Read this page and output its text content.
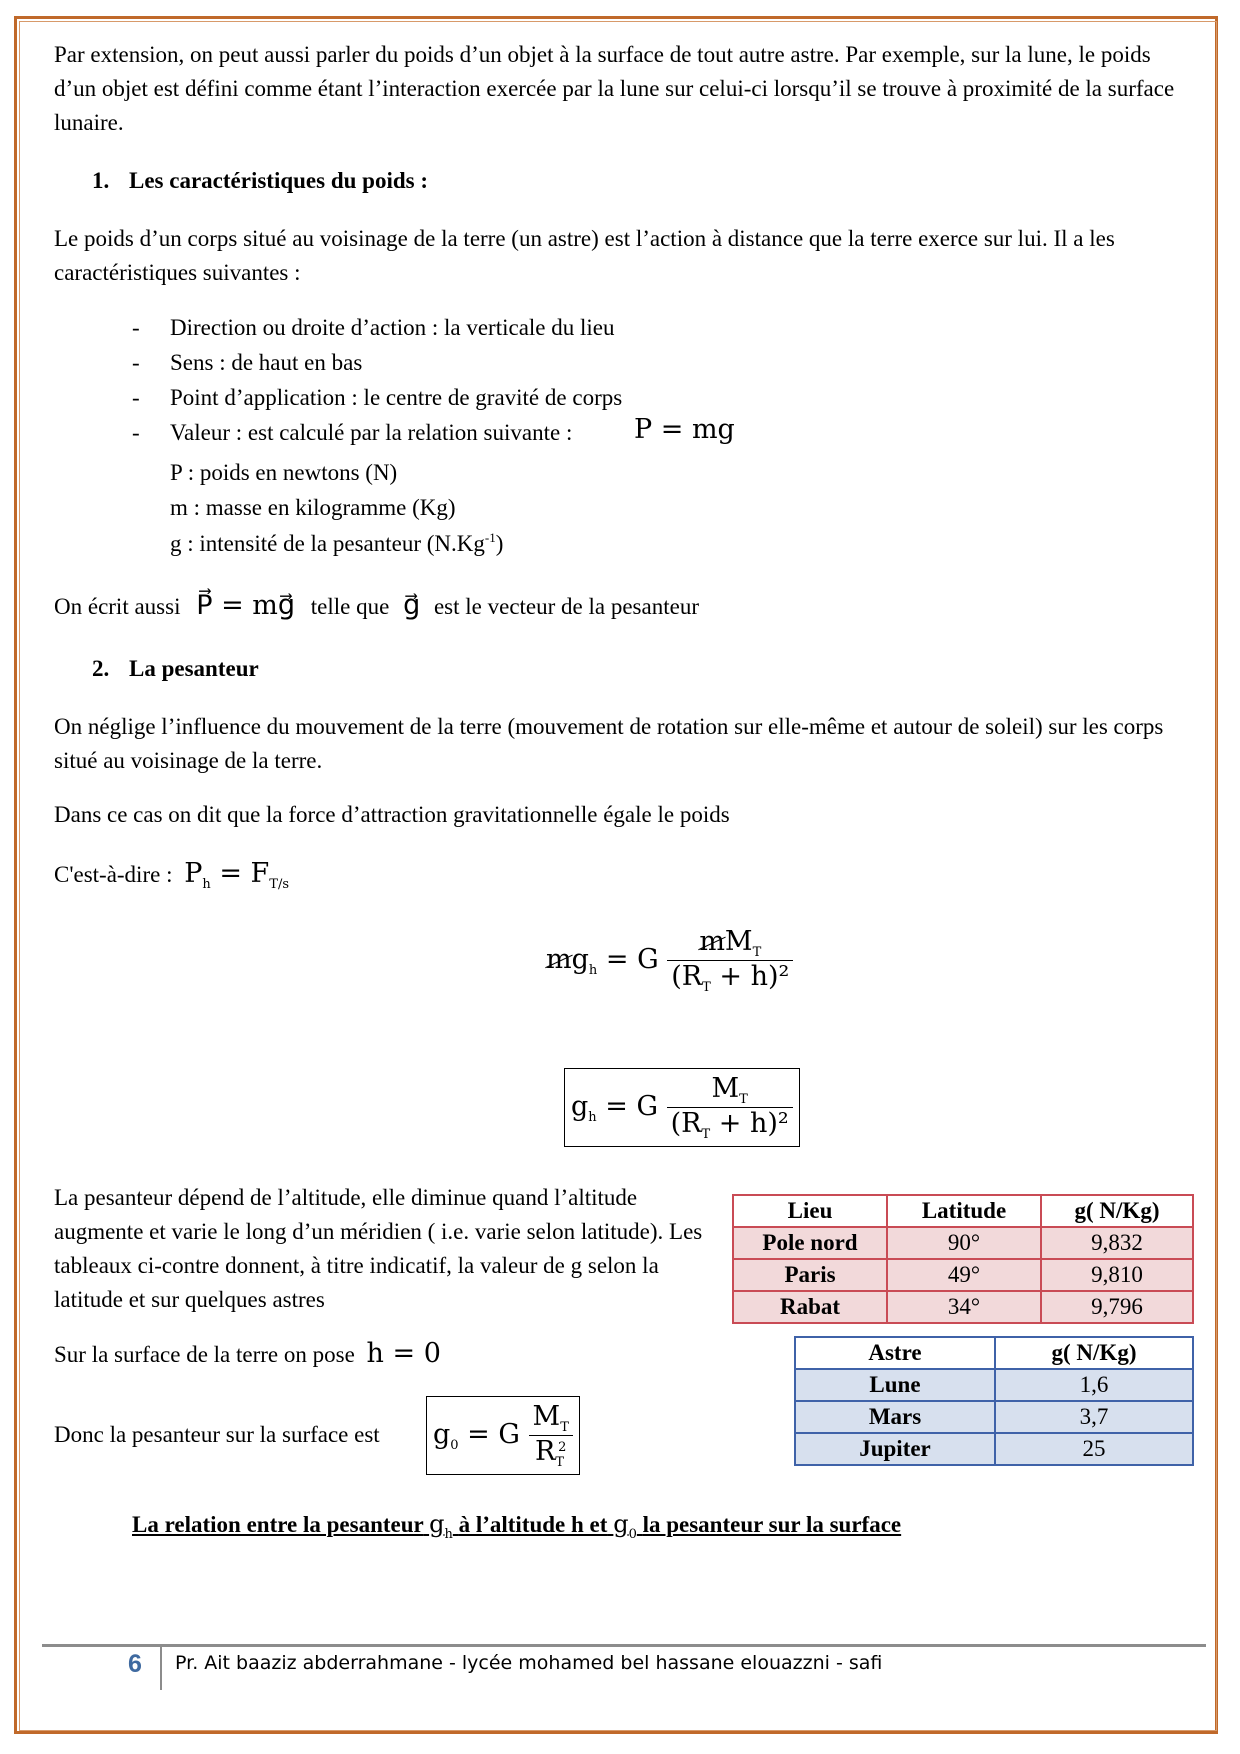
Par extension, on peut aussi parler du poids d’un objet à la surface de tout autre astre. Par exemple, sur la lune, le poids d’un objet est défini comme étant l’interaction exercée par la lune sur celui-ci lorsqu’il se trouve à proximité de la surface lunaire.

1. Les caractéristiques du poids :

Le poids d’un corps situé au voisinage de la terre (un astre) est l’action à distance que la terre exerce sur lui. Il a les caractéristiques suivantes :

- Direction ou droite d’action : la verticale du lieu
- Sens : de haut en bas
- Point d’application : le centre de gravité de corps
- Valeur : est calculé par la relation suivante : P = mg
P : poids en newtons (N)
m : masse en kilogramme (Kg)
g : intensité de la pesanteur $(N.Kg^{-1})$
On écrit aussi P⃗ = mg⃗ telle que g⃗ est le vecteur de la pesanteur
2. La pesanteur

On néglige l’influence du mouvement de la terre (mouvement de rotation sur elle-même et autour de soleil) sur les corps situé au voisinage de la terre.

Dans ce cas on dit que la force d’attraction gravitationnelle égale le poids

C'est-à-dire : $P_h = F_{T/s}$
$mg_h = G \frac{mM_T}{(R_T + h)^2}$
$g_h = G \frac{M_T}{(R_T + h)^2}$

La pesanteur dépend de l’altitude, elle diminue quand l’altitude augmente et varie le long d’un méridien ( i.e. varie selon latitude). Les tableaux ci-contre donnent, à titre indicatif, la valeur de g selon la latitude et sur quelques astres

Lieu	Latitude	g( N/Kg)
Pole nord	90°	9,832
Paris	49°	9,810
Rabat	34°	9,796
Astre	g( N/Kg)
Lune	1,6
Mars	3,7
Jupiter	25
Sur la surface de la terre on pose h = 0
Donc la pesanteur sur la surface est $g_0 = G \frac{M_T}{R_T^2}$
La relation entre la pesanteur $g_h$ à l’altitude h et $g_0$ la pesanteur sur la surface
6 Pr. Ait baaziz abderrahmane - lycée mohamed bel hassane elouazzni - safi
